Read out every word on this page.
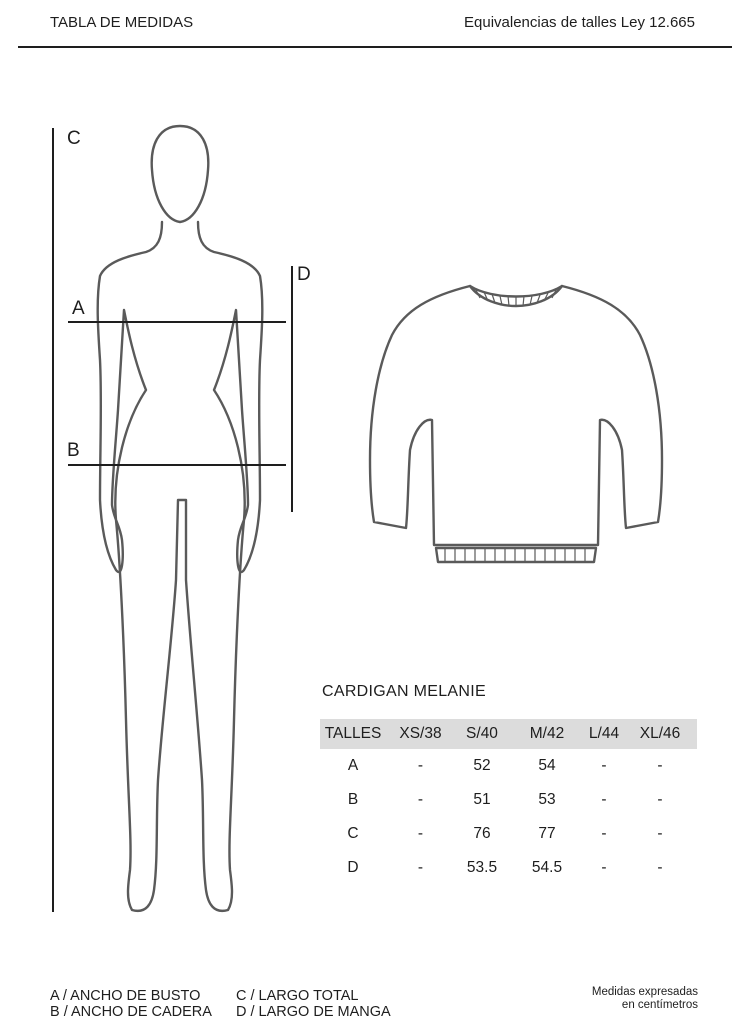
TABLA DE MEDIDAS	Equivalencias de talles Ley 12.665
C
D
A
B
CARDIGAN MELANIE
TALLES	XS/38	S/40	M/42	L/44	XL/46
A	-	52	54	-	-
B	-	51	53	-	-
C	-	76	77	-	-
D	-	53.5	54.5	-	-
A / ANCHO DE BUSTO
B / ANCHO DE CADERA
C / LARGO TOTAL
D / LARGO DE MANGA
Medidas expresadas
en centímetros
